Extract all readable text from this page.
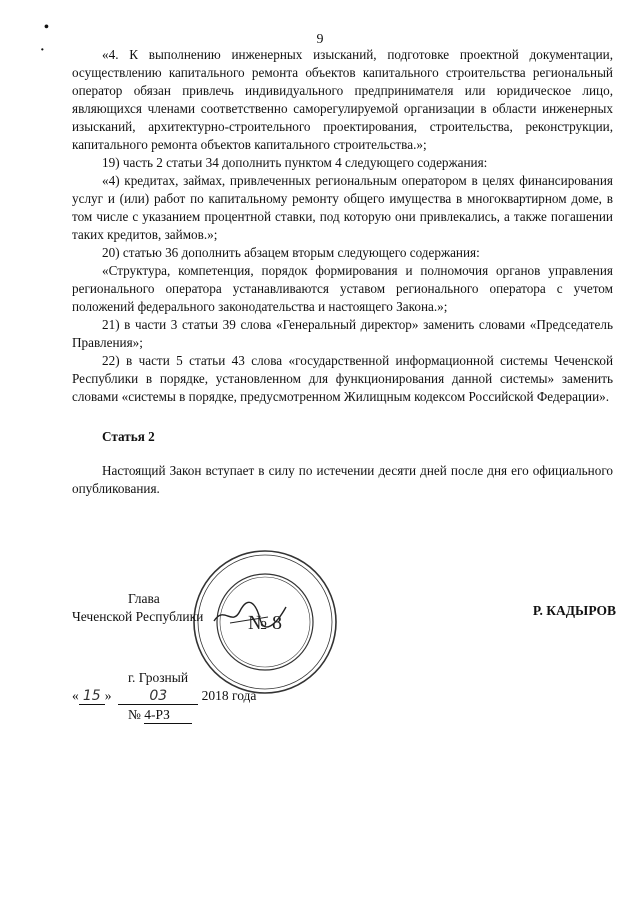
9
•
·	«4. К выполнению инженерных изысканий, подготовке проектной документации, осуществлению капитального ремонта объектов капитального строительства региональный оператор обязан привлечь индивидуального предпринимателя или юридическое лицо, являющихся членами соответственно саморегулируемой организации в области инженерных изысканий, архитектурно-строительного проектирования, строительства, реконструкции, капитального ремонта объектов капитального строительства.»;

19) часть 2 статьи 34 дополнить пунктом 4 следующего содержания:

«4) кредитах, займах, привлеченных региональным оператором в целях финансирования услуг и (или) работ по капитальному ремонту общего имущества в многоквартирном доме, в том числе с указанием процентной ставки, под которую они привлекались, а также погашении таких кредитов, займов.»;

20) статью 36 дополнить абзацем вторым следующего содержания:

«Структура, компетенция, порядок формирования и полномочия органов управления регионального оператора устанавливаются уставом регионального оператора с учетом положений федерального законодательства и настоящего Закона.»;

21) в части 3 статьи 39 слова «Генеральный директор» заменить словами «Председатель Правления»;

22) в части 5 статьи 43 слова «государственной информационной системы Чеченской Республики в порядке, установленном для функционирования данной системы» заменить словами «системы в порядке, предусмотренном Жилищным кодексом Российской Федерации».

Статья 2

Настоящий Закон вступает в силу по истечении десяти дней после дня его официального опубликования.

№ 8
Глава
Чеченской Республики	Р. КАДЫРОВ
г. Грозный
« 15 »  03	2018 года
№ 4-РЗ
